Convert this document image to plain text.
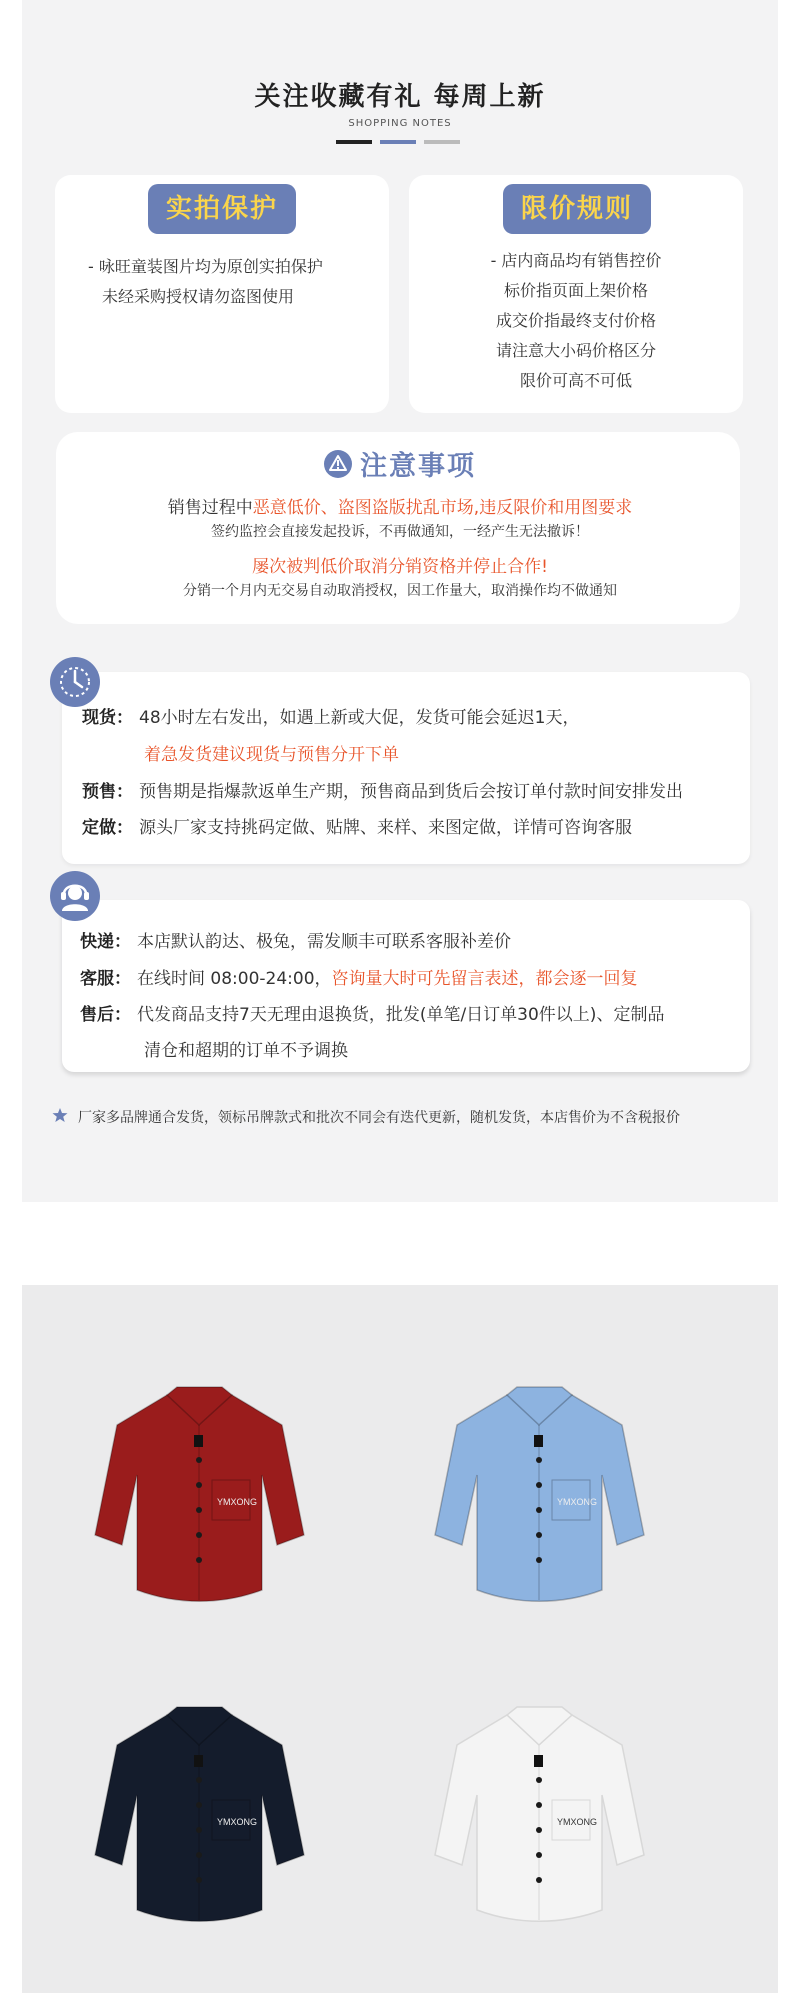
关注收藏有礼 每周上新
SHOPPING NOTES
实拍保护
- 咏旺童装图片均为原创实拍保护
未经采购授权请勿盗图使用
限价规则
- 店内商品均有销售控价
标价指页面上架价格
成交价指最终支付价格
请注意大小码价格区分
限价可高不可低
注意事项
销售过程中恶意低价、盗图盗版扰乱市场,违反限价和用图要求
签约监控会直接发起投诉，不再做通知，一经产生无法撤诉！
屡次被判低价取消分销资格并停止合作!
分销一个月内无交易自动取消授权，因工作量大，取消操作均不做通知
现货： 48小时左右发出，如遇上新或大促，发货可能会延迟1天，
着急发货建议现货与预售分开下单
预售： 预售期是指爆款返单生产期，预售商品到货后会按订单付款时间安排发出
定做： 源头厂家支持挑码定做、贴牌、来样、来图定做，详情可咨询客服
快递： 本店默认韵达、极兔，需发顺丰可联系客服补差价
客服： 在线时间 08:00-24:00，咨询量大时可先留言表述，都会逐一回复
售后： 代发商品支持7天无理由退换货，批发(单笔/日订单30件以上)、定制品
清仓和超期的订单不予调换
厂家多品牌通合发货，领标吊牌款式和批次不同会有迭代更新，随机发货，本店售价为不含税报价
YMXONG	YMXONG
YMXONG	YMXONG
